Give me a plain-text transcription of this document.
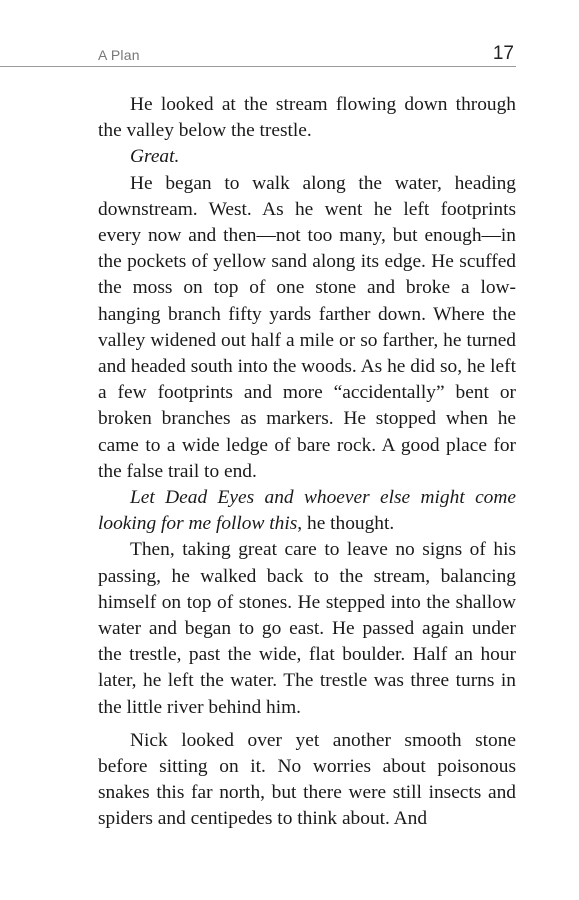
A Plan	17

He looked at the stream flowing down through the valley below the trestle.

Great.

He began to walk along the water, heading downstream. West. As he went he left footprints every now and then—not too many, but enough—in the pockets of yellow sand along its edge. He scuffed the moss on top of one stone and broke a low-hanging branch fifty yards farther down. Where the valley widened out half a mile or so farther, he turned and headed south into the woods. As he did so, he left a few footprints and more “accidentally” bent or broken branches as markers. He stopped when he came to a wide ledge of bare rock. A good place for the false trail to end.

Let Dead Eyes and whoever else might come looking for me follow this, he thought.

Then, taking great care to leave no signs of his passing, he walked back to the stream, balancing himself on top of stones. He stepped into the shallow water and began to go east. He passed again under the trestle, past the wide, flat boulder. Half an hour later, he left the water. The trestle was three turns in the little river behind him.

Nick looked over yet another smooth stone before sitting on it. No worries about poisonous snakes this far north, but there were still insects and spiders and centipedes to think about. And
